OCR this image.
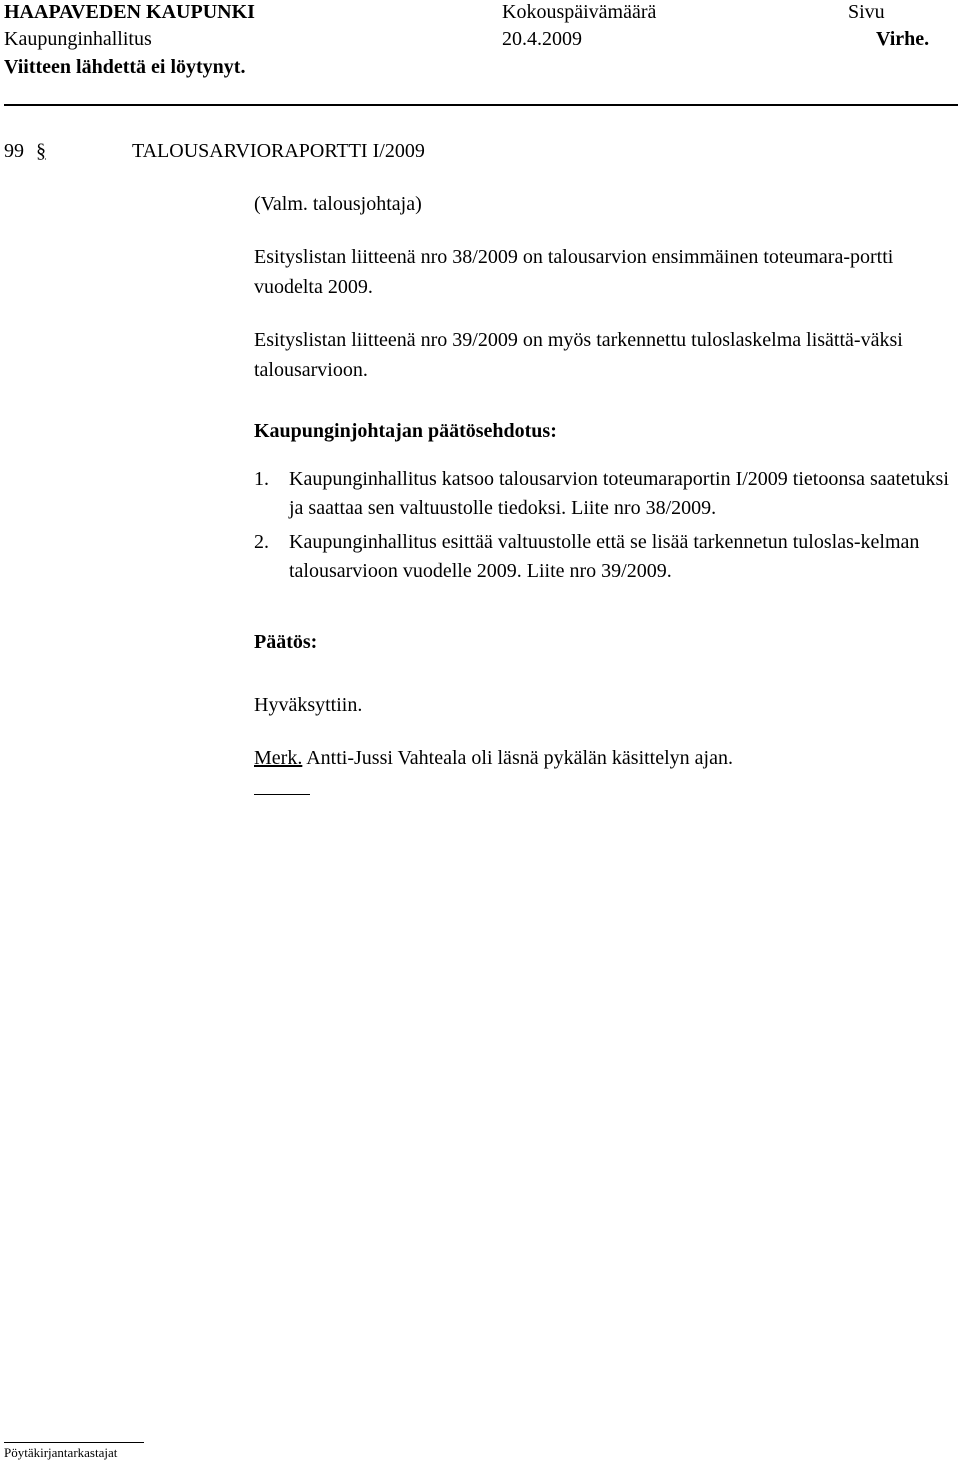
HAAPAVEDEN KAUPUNKI	Kokouspäivämäärä	Sivu
Kaupunginhallitus	20.4.2009	Virhe.
Viitteen lähdettä ei löytynyt.
99 §	TALOUSARVIORAPORTTI I/2009
(Valm. talousjohtaja)
Esityslistan liitteenä nro 38/2009 on talousarvion ensimmäinen toteumara-portti vuodelta 2009.
Esityslistan liitteenä nro 39/2009 on myös tarkennettu tuloslaskelma lisättä-väksi talousarvioon.
Kaupunginjohtajan päätösehdotus:
1. Kaupunginhallitus katsoo talousarvion toteumaraportin I/2009 tietoonsa saatetuksi ja saattaa sen valtuustolle tiedoksi. Liite nro 38/2009.
2. Kaupunginhallitus esittää valtuustolle että se lisää tarkennetun tuloslas-kelman talousarvioon vuodelle 2009. Liite nro 39/2009.
Päätös:
Hyväksyttiin.
Merk. Antti-Jussi Vahteala oli läsnä pykälän käsittelyn ajan.
Pöytäkirjantarkastajat
